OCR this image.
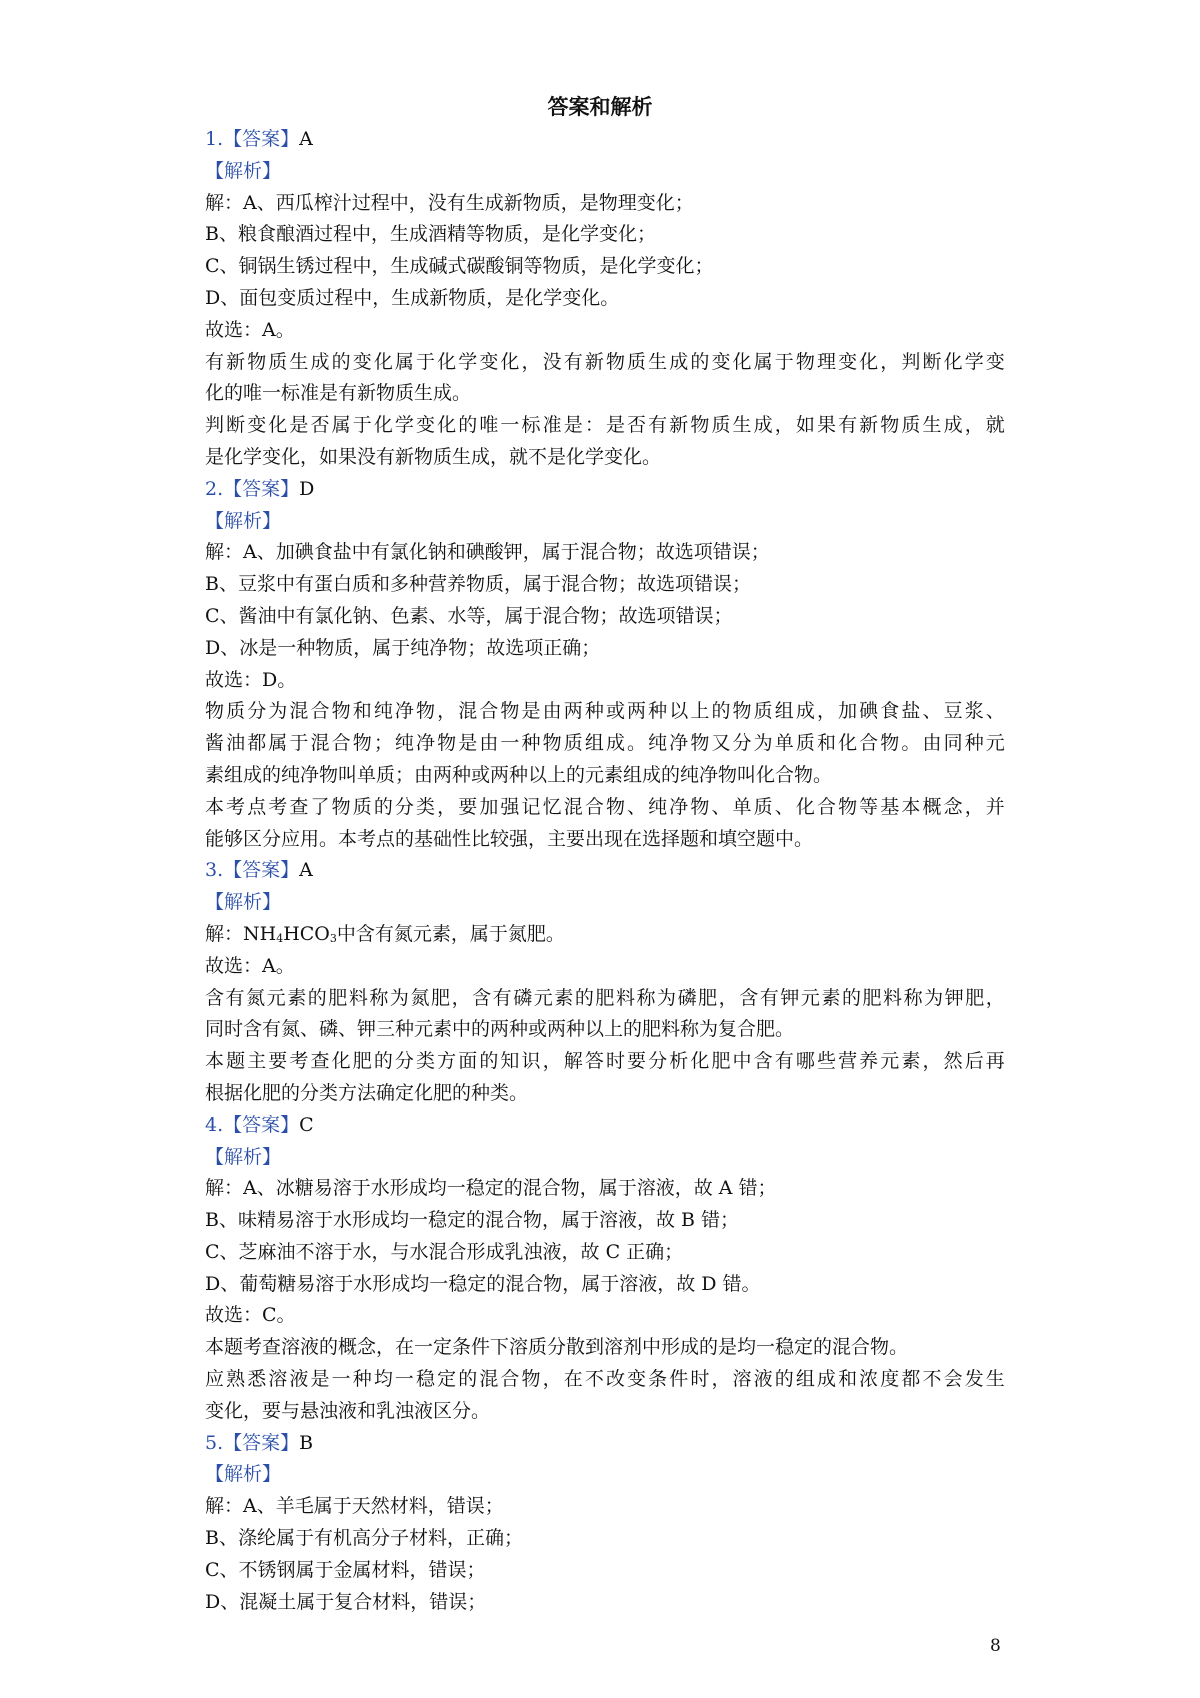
答案和解析
1.【答案】A
【解析】
解：A、西瓜榨汁过程中，没有生成新物质，是物理变化；
B、粮食酿酒过程中，生成酒精等物质，是化学变化；
C、铜锅生锈过程中，生成碱式碳酸铜等物质，是化学变化；
D、面包变质过程中，生成新物质，是化学变化。
故选：A。
有新物质生成的变化属于化学变化，没有新物质生成的变化属于物理变化，判断化学变
化的唯一标准是有新物质生成。
判断变化是否属于化学变化的唯一标准是：是否有新物质生成，如果有新物质生成，就
是化学变化，如果没有新物质生成，就不是化学变化。
2.【答案】D
【解析】
解：A、加碘食盐中有氯化钠和碘酸钾，属于混合物；故选项错误；
B、豆浆中有蛋白质和多种营养物质，属于混合物；故选项错误；
C、酱油中有氯化钠、色素、水等，属于混合物；故选项错误；
D、冰是一种物质，属于纯净物；故选项正确；
故选：D。
物质分为混合物和纯净物，混合物是由两种或两种以上的物质组成，加碘食盐、豆浆、
酱油都属于混合物；纯净物是由一种物质组成。纯净物又分为单质和化合物。由同种元
素组成的纯净物叫单质；由两种或两种以上的元素组成的纯净物叫化合物。
本考点考查了物质的分类，要加强记忆混合物、纯净物、单质、化合物等基本概念，并
能够区分应用。本考点的基础性比较强，主要出现在选择题和填空题中。
3.【答案】A
【解析】
解：$NH_4HCO_3$中含有氮元素，属于氮肥。
故选：A。
含有氮元素的肥料称为氮肥，含有磷元素的肥料称为磷肥，含有钾元素的肥料称为钾肥，
同时含有氮、磷、钾三种元素中的两种或两种以上的肥料称为复合肥。
本题主要考查化肥的分类方面的知识，解答时要分析化肥中含有哪些营养元素，然后再
根据化肥的分类方法确定化肥的种类。
4.【答案】C
【解析】
解：A、冰糖易溶于水形成均一稳定的混合物，属于溶液，故 A 错；
B、味精易溶于水形成均一稳定的混合物，属于溶液，故 B 错；
C、芝麻油不溶于水，与水混合形成乳浊液，故 C 正确；
D、葡萄糖易溶于水形成均一稳定的混合物，属于溶液，故 D 错。
故选：C。
本题考查溶液的概念，在一定条件下溶质分散到溶剂中形成的是均一稳定的混合物。
应熟悉溶液是一种均一稳定的混合物，在不改变条件时，溶液的组成和浓度都不会发生
变化，要与悬浊液和乳浊液区分。
5.【答案】B
【解析】
解：A、羊毛属于天然材料，错误；
B、涤纶属于有机高分子材料，正确；
C、不锈钢属于金属材料，错误；
D、混凝土属于复合材料，错误；
8
